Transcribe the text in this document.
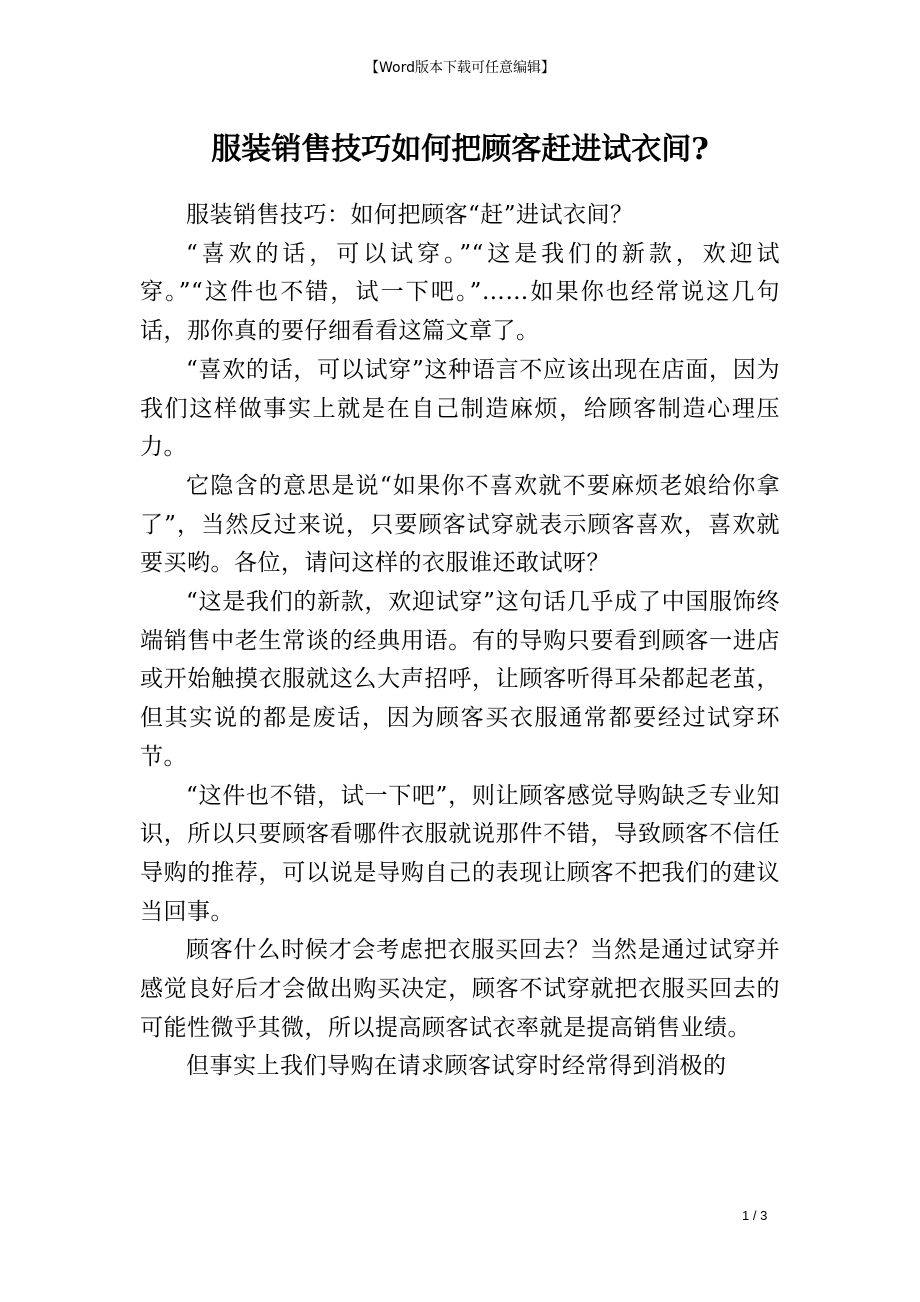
【Word版本下载可任意编辑】
服装销售技巧如何把顾客赶进试衣间?

服装销售技巧：如何把顾客“赶”进试衣间？

“喜欢的话，可以试穿。”“这是我们的新款，欢迎试穿。”“这件也不错，试一下吧。”……如果你也经常说这几句话，那你真的要仔细看看这篇文章了。

“喜欢的话，可以试穿”这种语言不应该出现在店面，因为我们这样做事实上就是在自己制造麻烦，给顾客制造心理压力。

它隐含的意思是说“如果你不喜欢就不要麻烦老娘给你拿了”，当然反过来说，只要顾客试穿就表示顾客喜欢，喜欢就要买哟。各位，请问这样的衣服谁还敢试呀？

“这是我们的新款，欢迎试穿”这句话几乎成了中国服饰终端销售中老生常谈的经典用语。有的导购只要看到顾客一进店或开始触摸衣服就这么大声招呼，让顾客听得耳朵都起老茧，但其实说的都是废话，因为顾客买衣服通常都要经过试穿环节。

“这件也不错，试一下吧”，则让顾客感觉导购缺乏专业知识，所以只要顾客看哪件衣服就说那件不错，导致顾客不信任导购的推荐，可以说是导购自己的表现让顾客不把我们的建议当回事。

顾客什么时候才会考虑把衣服买回去？当然是通过试穿并感觉良好后才会做出购买决定，顾客不试穿就把衣服买回去的可能性微乎其微，所以提高顾客试衣率就是提高销售业绩。

但事实上我们导购在请求顾客试穿时经常得到消极的

1 / 3
